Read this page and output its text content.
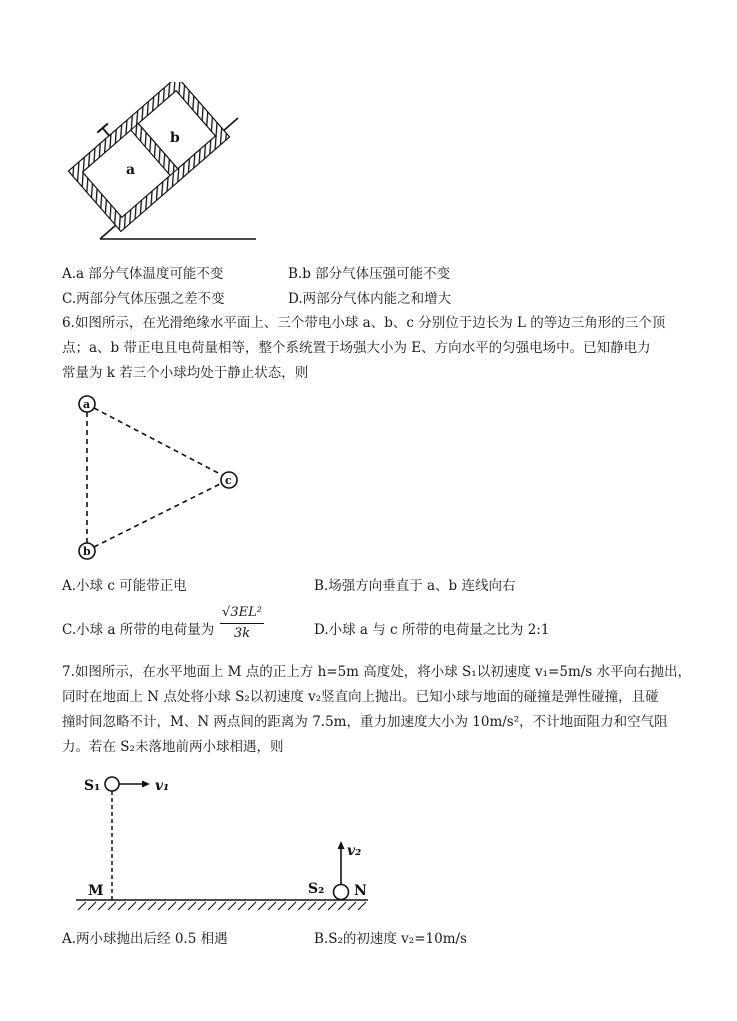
a
b
A.a 部分气体温度可能不变	B.b 部分气体压强可能不变
C.两部分气体压强之差不变	D.两部分气体内能之和增大
6.如图所示，在光滑绝缘水平面上、三个带电小球 a、b、c 分别位于边长为 L 的等边三角形的三个顶
点；a、b 带正电且电荷量相等，整个系统置于场强大小为 E、方向水平的匀强电场中。已知静电力
常量为 k 若三个小球均处于静止状态，则
a
b
c
A.小球 c 可能带正电	B.场强方向垂直于 a、b 连线向右
C.小球 a 所带的电荷量为
√3EL²
3k	D.小球 a 与 c 所带的电荷量之比为 2:1
7.如图所示，在水平地面上 M 点的正上方 h=5m 高度处，将小球 S₁以初速度 v₁=5m/s 水平向右抛出，
同时在地面上 N 点处将小球 S₂以初速度 v₂竖直向上抛出。已知小球与地面的碰撞是弹性碰撞，且碰
撞时间忽略不计，M、N 两点间的距离为 7.5m，重力加速度大小为 10m/s²，不计地面阻力和空气阻
力。若在 S₂未落地前两小球相遇，则
S₁	v₁
v₂
M	S₂ N
A.两小球抛出后经 0.5 相遇	B.S₂的初速度 v₂=10m/s
